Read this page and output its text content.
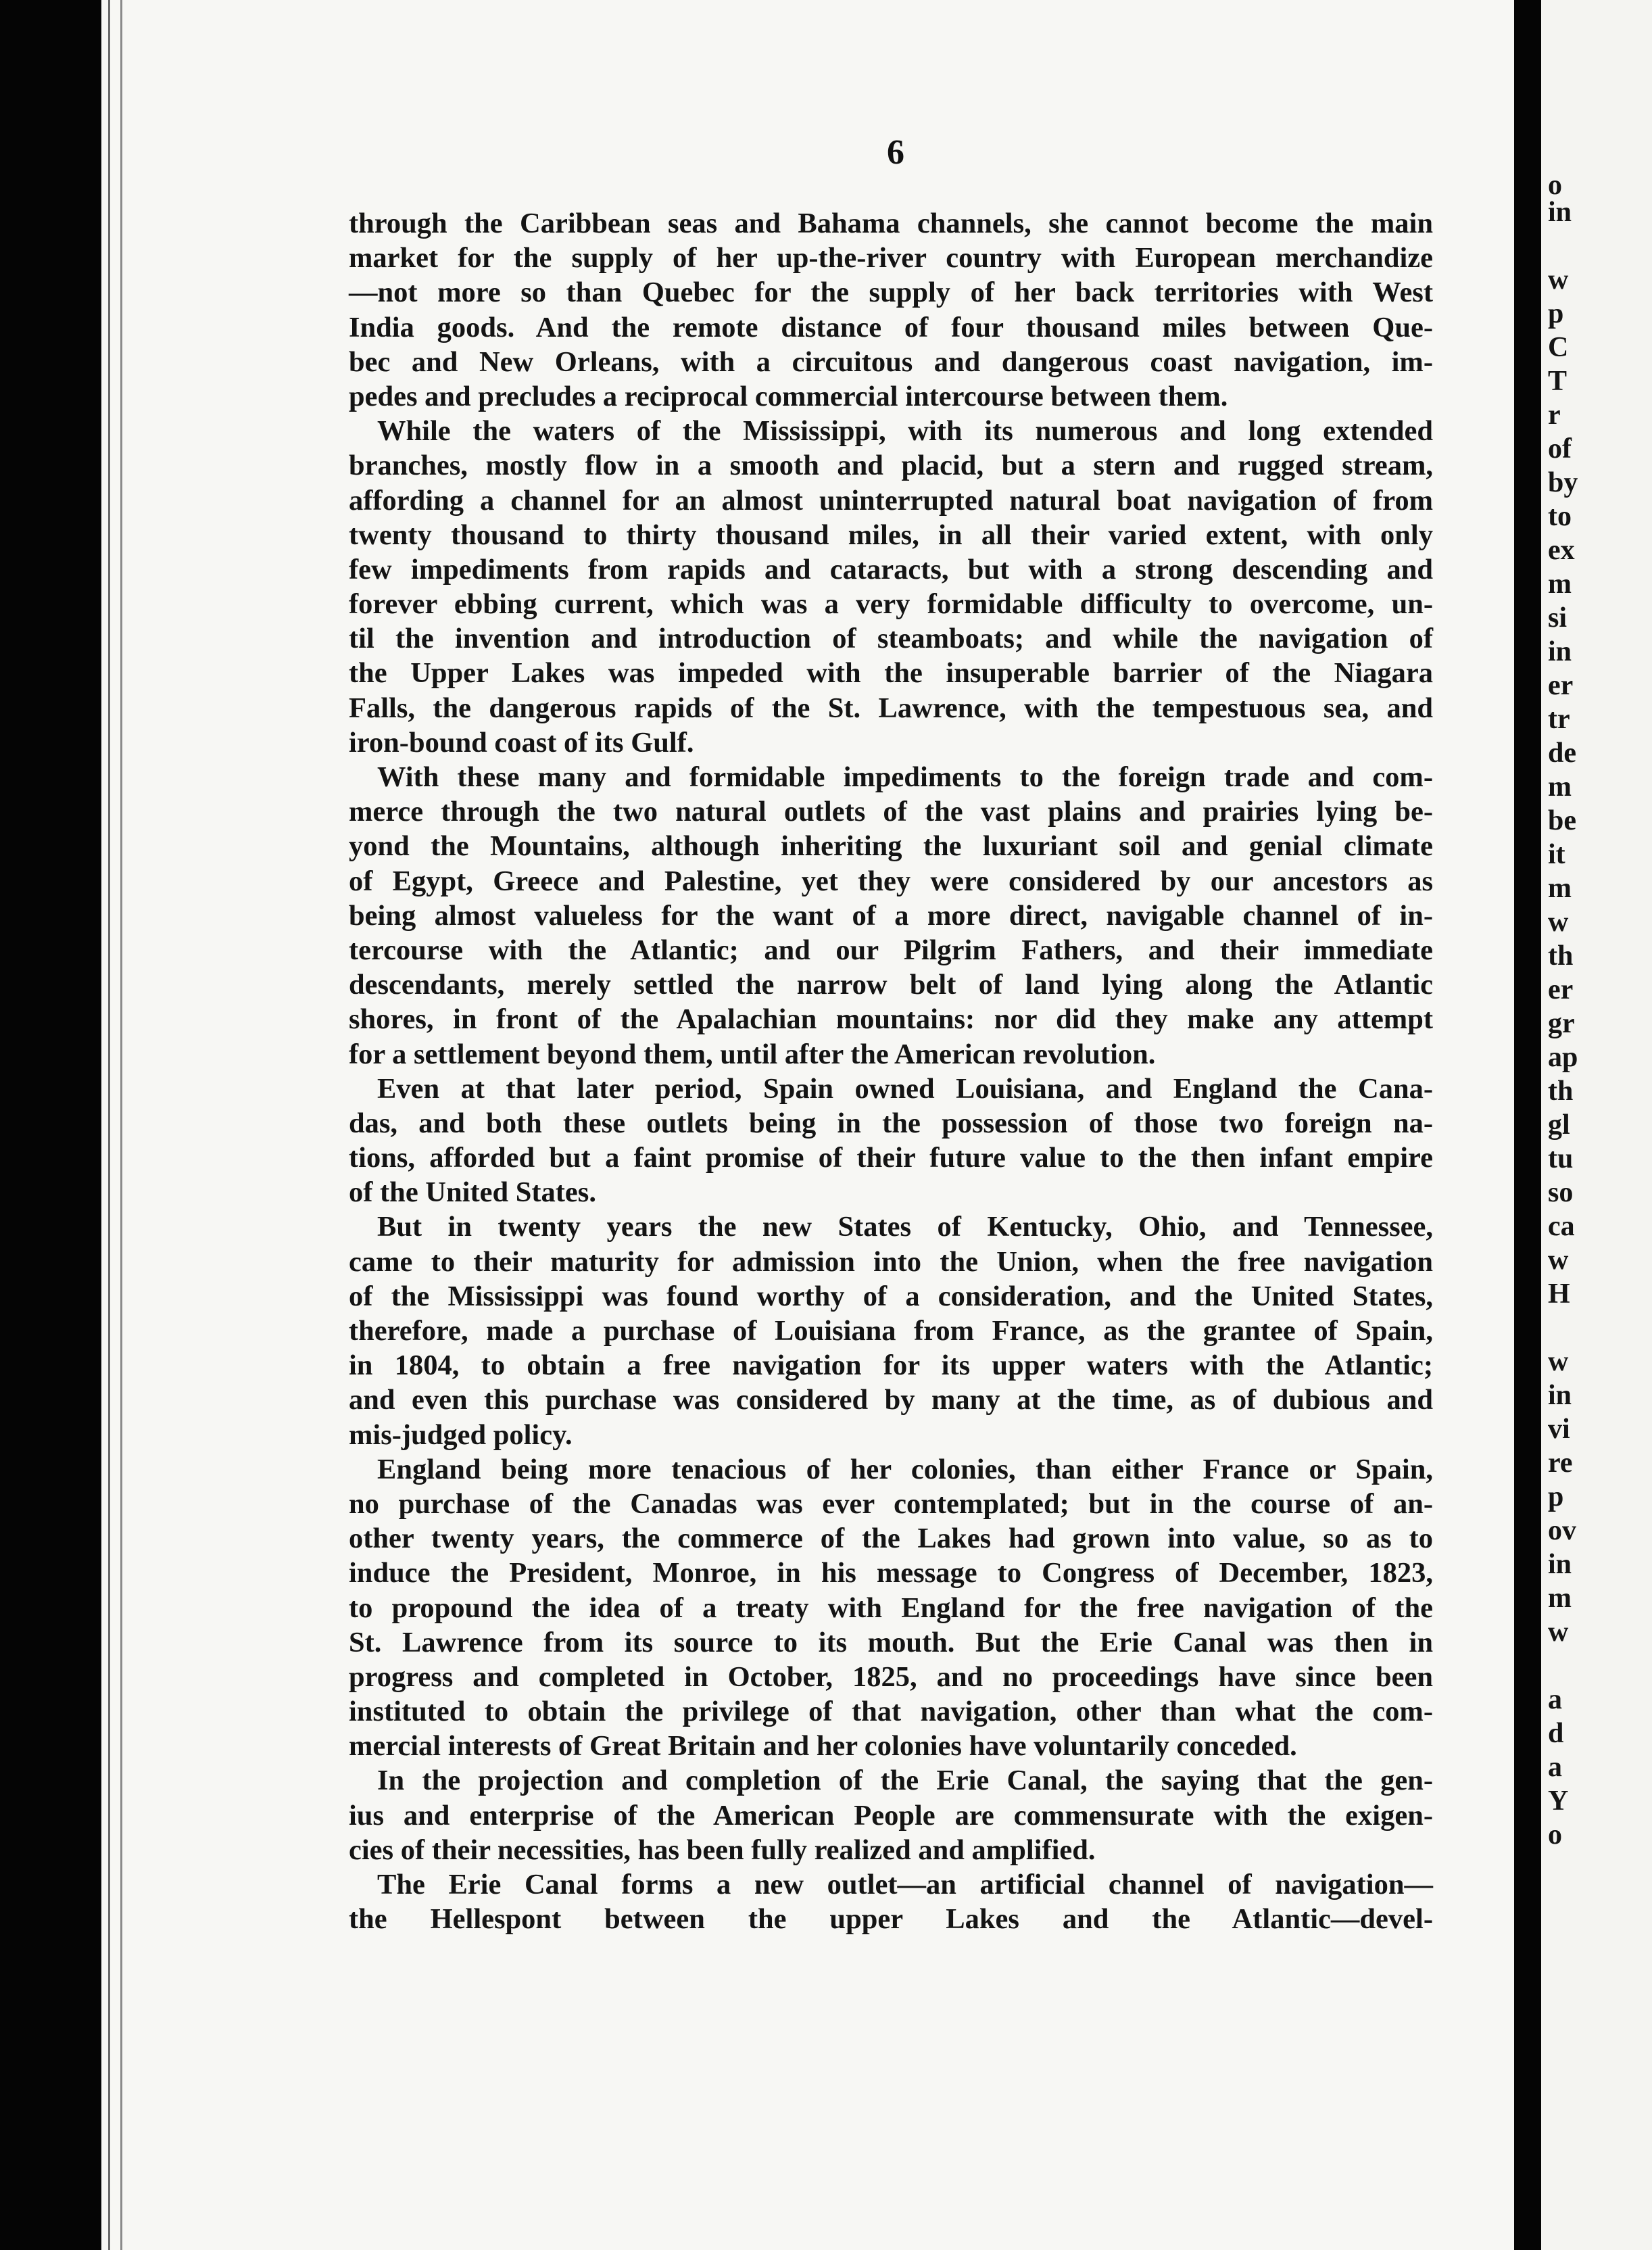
6
through the Caribbean seas and Bahama channels, she cannot become the main
market for the supply of her up-the-river country with European merchandize
—not more so than Quebec for the supply of her back territories with West
India goods. And the remote distance of four thousand miles between Que-
bec and New Orleans, with a circuitous and dangerous coast navigation, im-
pedes and precludes a reciprocal commercial intercourse between them.
While the waters of the Mississippi, with its numerous and long extended
branches, mostly flow in a smooth and placid, but a stern and rugged stream,
affording a channel for an almost uninterrupted natural boat navigation of from
twenty thousand to thirty thousand miles, in all their varied extent, with only
few impediments from rapids and cataracts, but with a strong descending and
forever ebbing current, which was a very formidable difficulty to overcome, un-
til the invention and introduction of steamboats; and while the navigation of
the Upper Lakes was impeded with the insuperable barrier of the Niagara
Falls, the dangerous rapids of the St. Lawrence, with the tempestuous sea, and
iron-bound coast of its Gulf.
With these many and formidable impediments to the foreign trade and com-
merce through the two natural outlets of the vast plains and prairies lying be-
yond the Mountains, although inheriting the luxuriant soil and genial climate
of Egypt, Greece and Palestine, yet they were considered by our ancestors as
being almost valueless for the want of a more direct, navigable channel of in-
tercourse with the Atlantic; and our Pilgrim Fathers, and their immediate
descendants, merely settled the narrow belt of land lying along the Atlantic
shores, in front of the Apalachian mountains: nor did they make any attempt
for a settlement beyond them, until after the American revolution.
Even at that later period, Spain owned Louisiana, and England the Cana-
das, and both these outlets being in the possession of those two foreign na-
tions, afforded but a faint promise of their future value to the then infant empire
of the United States.
But in twenty years the new States of Kentucky, Ohio, and Tennessee,
came to their maturity for admission into the Union, when the free navigation
of the Mississippi was found worthy of a consideration, and the United States,
therefore, made a purchase of Louisiana from France, as the grantee of Spain,
in 1804, to obtain a free navigation for its upper waters with the Atlantic;
and even this purchase was considered by many at the time, as of dubious and
mis-judged policy.
England being more tenacious of her colonies, than either France or Spain,
no purchase of the Canadas was ever contemplated; but in the course of an-
other twenty years, the commerce of the Lakes had grown into value, so as to
induce the President, Monroe, in his message to Congress of December, 1823,
to propound the idea of a treaty with England for the free navigation of the
St. Lawrence from its source to its mouth. But the Erie Canal was then in
progress and completed in October, 1825, and no proceedings have since been
instituted to obtain the privilege of that navigation, other than what the com-
mercial interests of Great Britain and her colonies have voluntarily conceded.
In the projection and completion of the Erie Canal, the saying that the gen-
ius and enterprise of the American People are commensurate with the exigen-
cies of their necessities, has been fully realized and amplified.
The Erie Canal forms a new outlet—an artificial channel of navigation—
the Hellespont between the upper Lakes and the Atlantic—devel-
o
in
w
p
C
T
r
of
by
to
ex
m
si
in
er
tr
de
m
be
it
m
w
th
er
gr
ap
th
gl
tu
so
ca
w
H
w
in
vi
re
p
ov
in
m
w
a
d
a
Y
o
